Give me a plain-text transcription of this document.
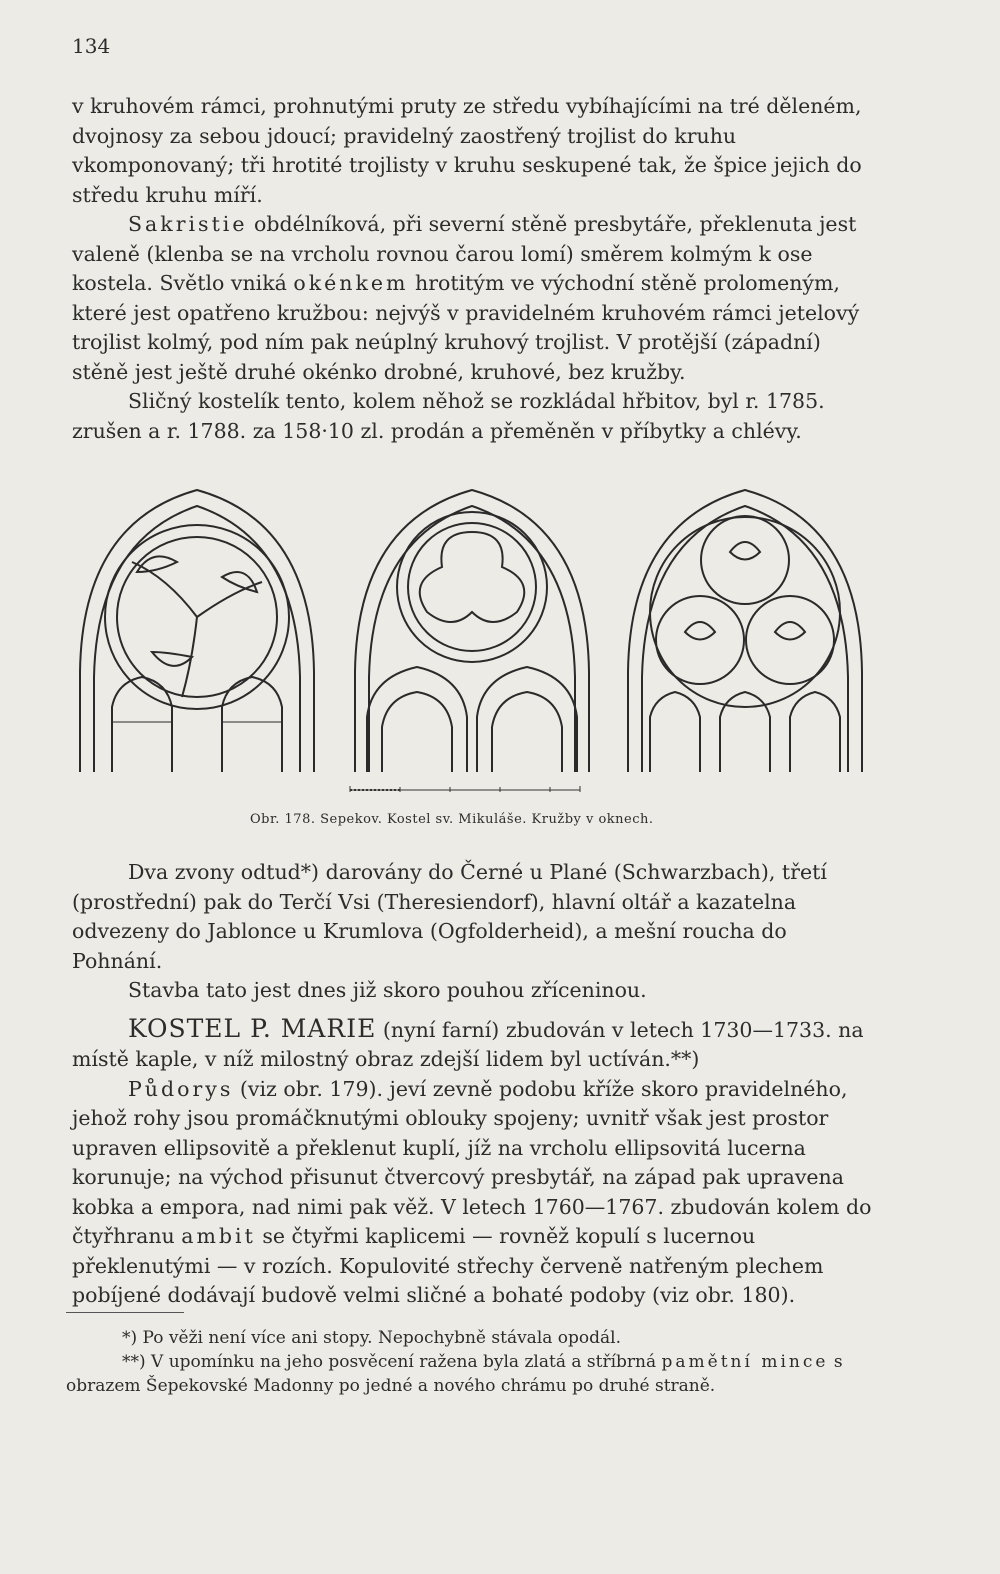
134

v kruhovém rámci, prohnutými pruty ze středu vybíhajícími na tré děleném, dvojnosy za sebou jdoucí; pravidelný zaostřený trojlist do kruhu vkomponovaný; tři hrotité trojlisty v kruhu seskupené tak, že špice jejich do středu kruhu míří.

Sakristie obdélníková, při severní stěně presbytáře, překlenuta jest valeně (klenba se na vrcholu rovnou čarou lomí) směrem kolmým k ose kostela. Světlo vniká okénkem hrotitým ve východní stěně prolomeným, které jest opatřeno kružbou: nejvýš v pravidelném kruhovém rámci jetelový trojlist kolmý, pod ním pak neúplný kruhový trojlist. V protější (západní) stěně jest ještě druhé okénko drobné, kruhové, bez kružby.

Sličný kostelík tento, kolem něhož se rozkládal hřbitov, byl r. 1785. zrušen a r. 1788. za 158·10 zl. prodán a přeměněn v příbytky a chlévy.

Obr. 178. Sepekov. Kostel sv. Mikuláše. Kružby v oknech.

Dva zvony odtud*) darovány do Černé u Plané (Schwarzbach), třetí (prostřední) pak do Terčí Vsi (Theresiendorf), hlavní oltář a kazatelna odvezeny do Jablonce u Krumlova (Ogfolderheid), a mešní roucha do Pohnání.

Stavba tato jest dnes již skoro pouhou zříceninou.

KOSTEL P. MARIE (nyní farní) zbudován v letech 1730—1733. na místě kaple, v níž milostný obraz zdejší lidem byl uctíván.**)

Půdorys (viz obr. 179). jeví zevně podobu kříže skoro pravidelného, jehož rohy jsou promáčknutými oblouky spojeny; uvnitř však jest prostor upraven ellipsovitě a překlenut kuplí, jíž na vrcholu ellipsovitá lucerna korunuje; na východ přisunut čtvercový presbytář, na západ pak upravena kobka a empora, nad nimi pak věž. V letech 1760—1767. zbudován kolem do čtyřhranu ambit se čtyřmi kaplicemi — rovněž kopulí s lucernou překlenutými — v rozích. Kopulovité střechy červeně natřeným plechem pobíjené dodávají budově velmi sličné a bohaté podoby (viz obr. 180).

*) Po věži není více ani stopy. Nepochybně stávala opodál.

**) V upomínku na jeho posvěcení ražena byla zlatá a stříbrná pamětní mince s obrazem Šepekovské Madonny po jedné a nového chrámu po druhé straně.
